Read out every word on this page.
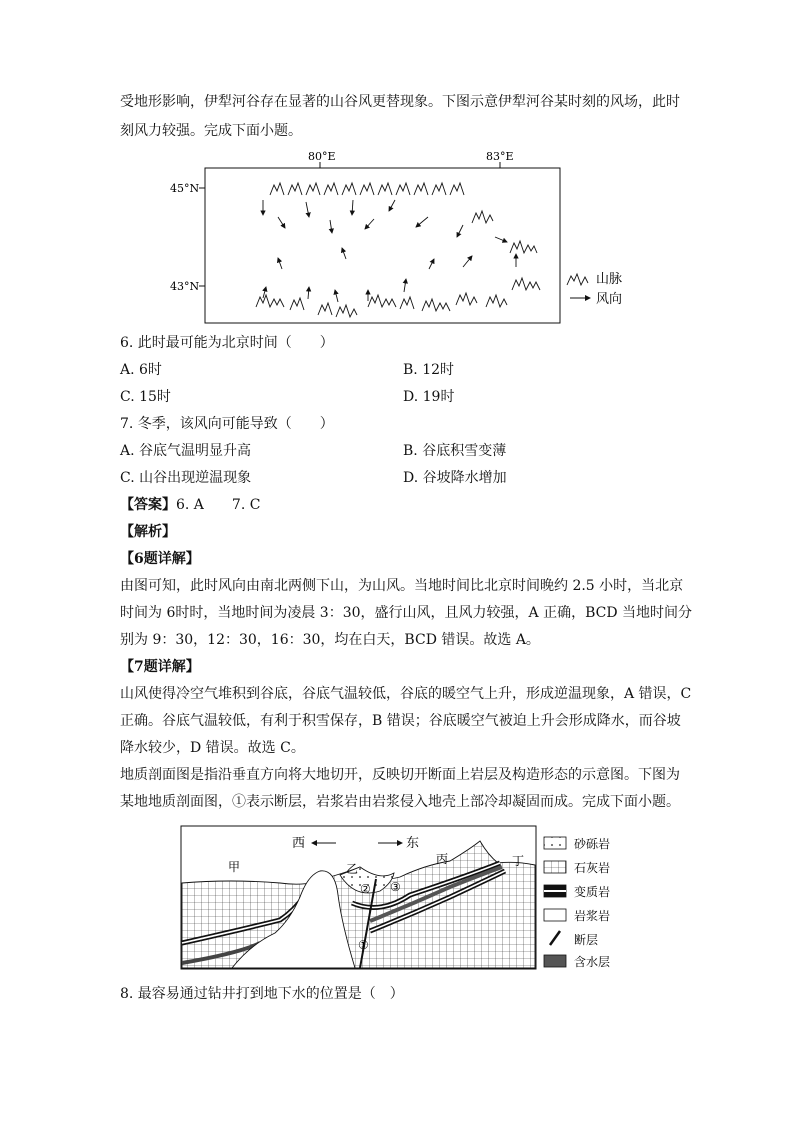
受地形影响，伊犁河谷存在显著的山谷风更替现象。下图示意伊犁河谷某时刻的风场，此时
刻风力较强。完成下面小题。
80°E	83°E
45°N
43°N	山脉
风向
6. 此时最可能为北京时间（　　）
A. 6时	B. 12时
C. 15时	D. 19时
7. 冬季，该风向可能导致（　　）
A. 谷底气温明显升高	B. 谷底积雪变薄
C. 山谷出现逆温现象	D. 谷坡降水增加
【答案】6. A 7. C
【解析】
【6题详解】
由图可知，此时风向由南北两侧下山，为山风。当地时间比北京时间晚约 2.5 小时，当北京
时间为 6时时，当地时间为凌晨 3：30，盛行山风，且风力较强，A 正确，BCD 当地时间分
别为 9：30，12：30，16：30，均在白天，BCD 错误。故选 A。
【7题详解】
山风使得冷空气堆积到谷底，谷底气温较低，谷底的暖空气上升，形成逆温现象，A 错误，C
正确。谷底气温较低，有利于积雪保存，B 错误；谷底暖空气被迫上升会形成降水，而谷坡
降水较少，D 错误。故选 C。
地质剖面图是指沿垂直方向将大地切开，反映切开断面上岩层及构造形态的示意图。下图为
某地地质剖面图，①表示断层，岩浆岩由岩浆侵入地壳上部冷却凝固而成。完成下面小题。
西	东
甲	乙
丙	丁
② ③
①
砂砾岩
石灰岩
变质岩
岩浆岩
断层
含水层
8. 最容易通过钻井打到地下水的位置是（　）
